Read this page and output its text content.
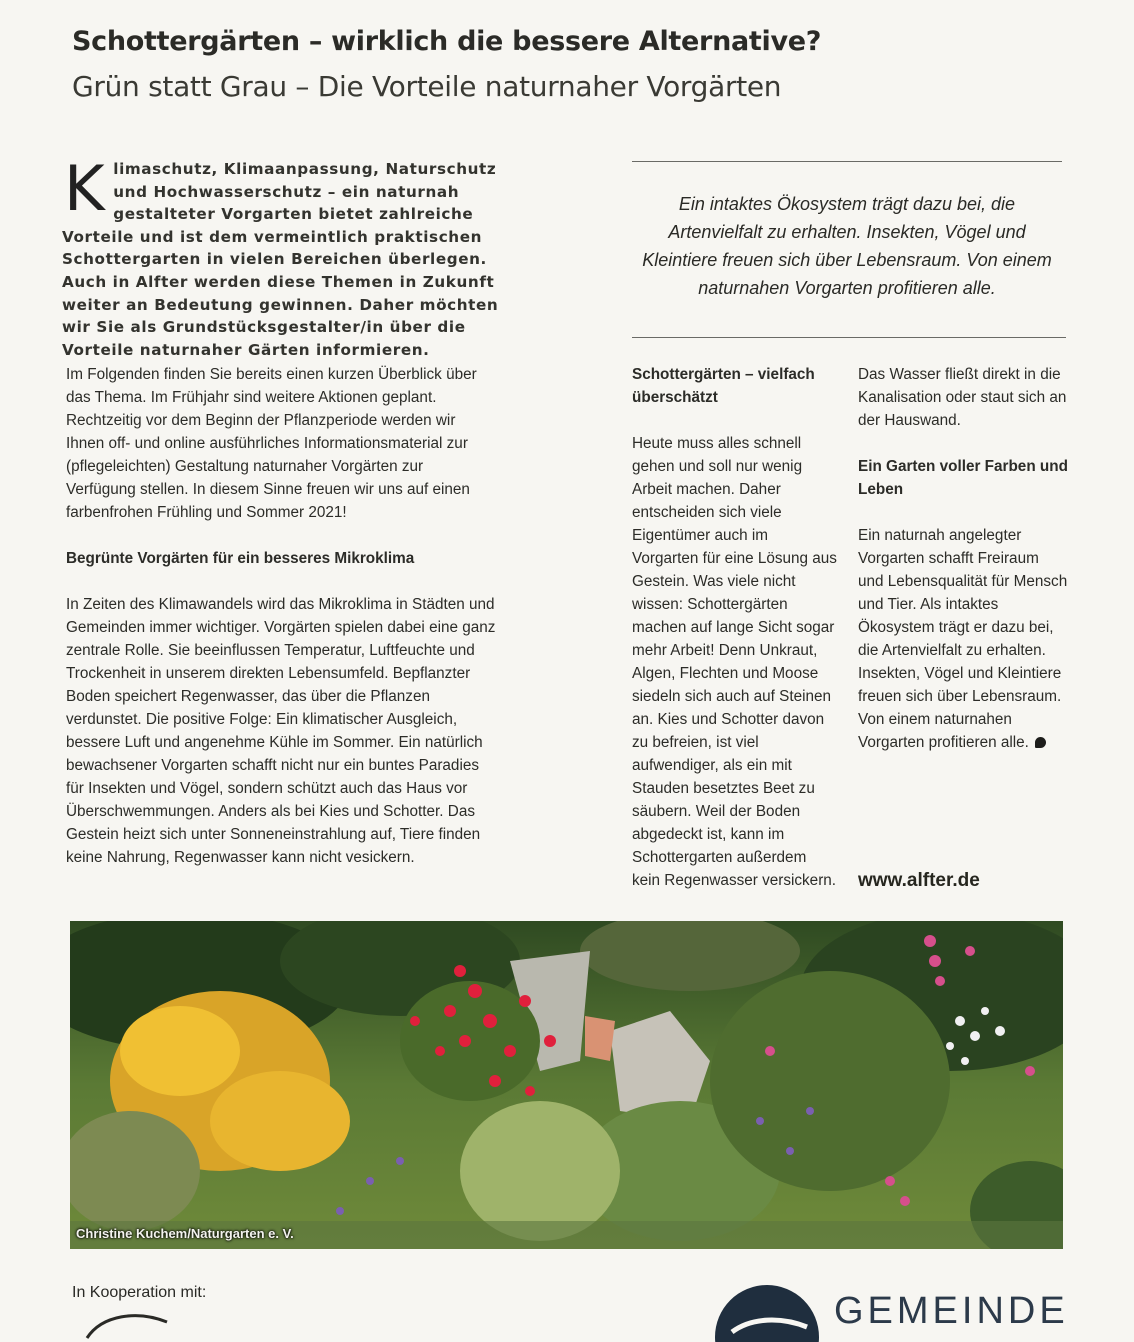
Schottergärten – wirklich die bessere Alternative?
Grün statt Grau – Die Vorteile naturnaher Vorgärten
K limaschutz, Klimaanpassung, Naturschutz und Hochwasserschutz – ein naturnah gestalteter Vorgarten bietet zahlreiche Vorteile und ist dem vermeintlich praktischen Schottergarten in vielen Bereichen überlegen. Auch in Alfter werden diese Themen in Zukunft weiter an Bedeutung gewinnen. Daher möchten wir Sie als Grundstücksgestalter/in über die Vorteile naturnaher Gärten informieren.

Im Folgenden finden Sie bereits einen kurzen Überblick über das Thema. Im Frühjahr sind weitere Aktionen geplant. Rechtzeitig vor dem Beginn der Pflanzperiode werden wir Ihnen off- und online ausführliches Informationsmaterial zur (pflegeleichten) Gestaltung naturnaher Vorgärten zur Verfügung stellen. In diesem Sinne freuen wir uns auf einen farbenfrohen Frühling und Sommer 2021!

Begrünte Vorgärten für ein besseres Mikroklima

In Zeiten des Klimawandels wird das Mikroklima in Städten und Gemeinden immer wichtiger. Vorgärten spielen dabei eine ganz zentrale Rolle. Sie beeinflussen Temperatur, Luftfeuchte und Trockenheit in unserem direkten Lebensumfeld. Bepflanzter Boden speichert Regenwasser, das über die Pflanzen verdunstet. Die positive Folge: Ein klimatischer Ausgleich, bessere Luft und angenehme Kühle im Sommer. Ein natürlich bewachsener Vorgarten schafft nicht nur ein buntes Paradies für Insekten und Vögel, sondern schützt auch das Haus vor Überschwemmungen. Anders als bei Kies und Schotter. Das Gestein heizt sich unter Sonneneinstrahlung auf, Tiere finden keine Nahrung, Regenwasser kann nicht vesickern.

Ein intaktes Ökosystem trägt dazu bei, die Artenvielfalt zu erhalten. Insekten, Vögel und Kleintiere freuen sich über Lebensraum. Von einem naturnahen Vorgarten profitieren alle.
Schottergärten – vielfach überschätzt

Heute muss alles schnell gehen und soll nur wenig Arbeit machen. Daher entscheiden sich viele Eigentümer auch im Vorgarten für eine Lösung aus Gestein. Was viele nicht wissen: Schottergärten machen auf lange Sicht sogar mehr Arbeit! Denn Unkraut, Algen, Flechten und Moose siedeln sich auch auf Steinen an. Kies und Schotter davon zu befreien, ist viel aufwendiger, als ein mit Stauden besetztes Beet zu säubern. Weil der Boden abgedeckt ist, kann im Schottergarten außerdem kein Regenwasser versickern.

Das Wasser fließt direkt in die Kanalisation oder staut sich an der Hauswand.

Ein Garten voller Farben und Leben

Ein naturnah angelegter Vorgarten schafft Freiraum und Lebensqualität für Mensch und Tier. Als intaktes Ökosystem trägt er dazu bei, die Artenvielfalt zu erhalten. Insekten, Vögel und Kleintiere freuen sich über Lebensraum. Von einem naturnahen Vorgarten profitieren alle.

www.alfter.de
Christine Kuchem/Naturgarten e. V.
In Kooperation mit:	GEMEINDE
